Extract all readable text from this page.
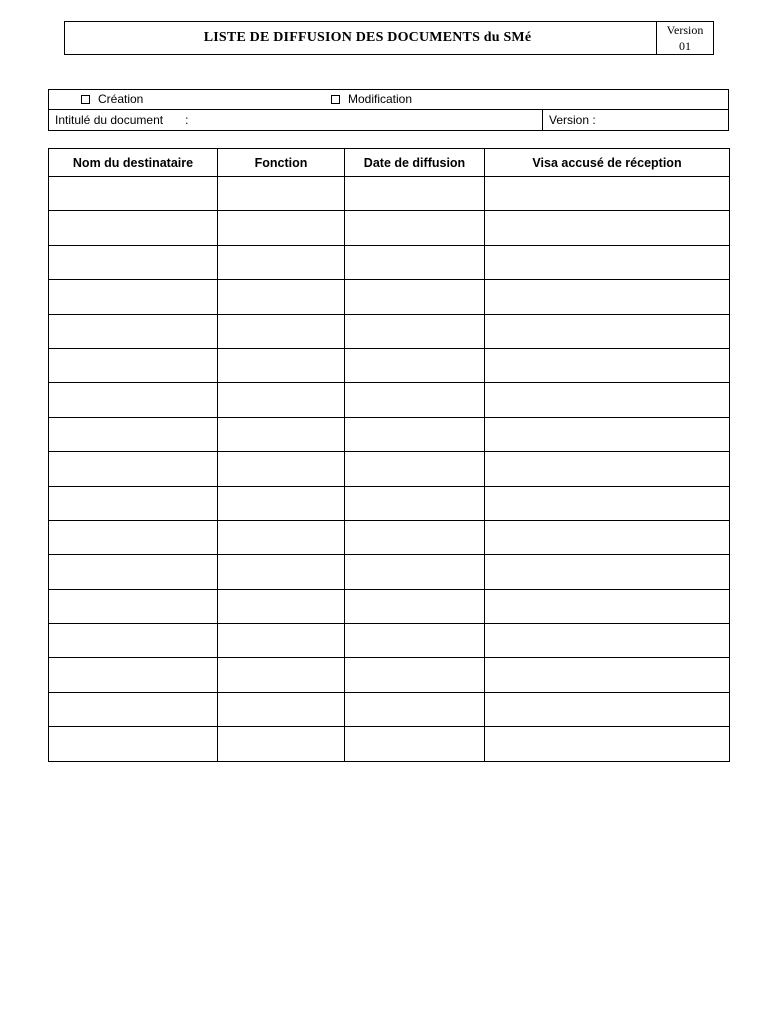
LISTE DE DIFFUSION DES DOCUMENTS du SMé	Version
01
Création	Modification
Intitulé du document :	Version :
Nom du destinataire	Fonction	Date de diffusion	Visa accusé de réception
